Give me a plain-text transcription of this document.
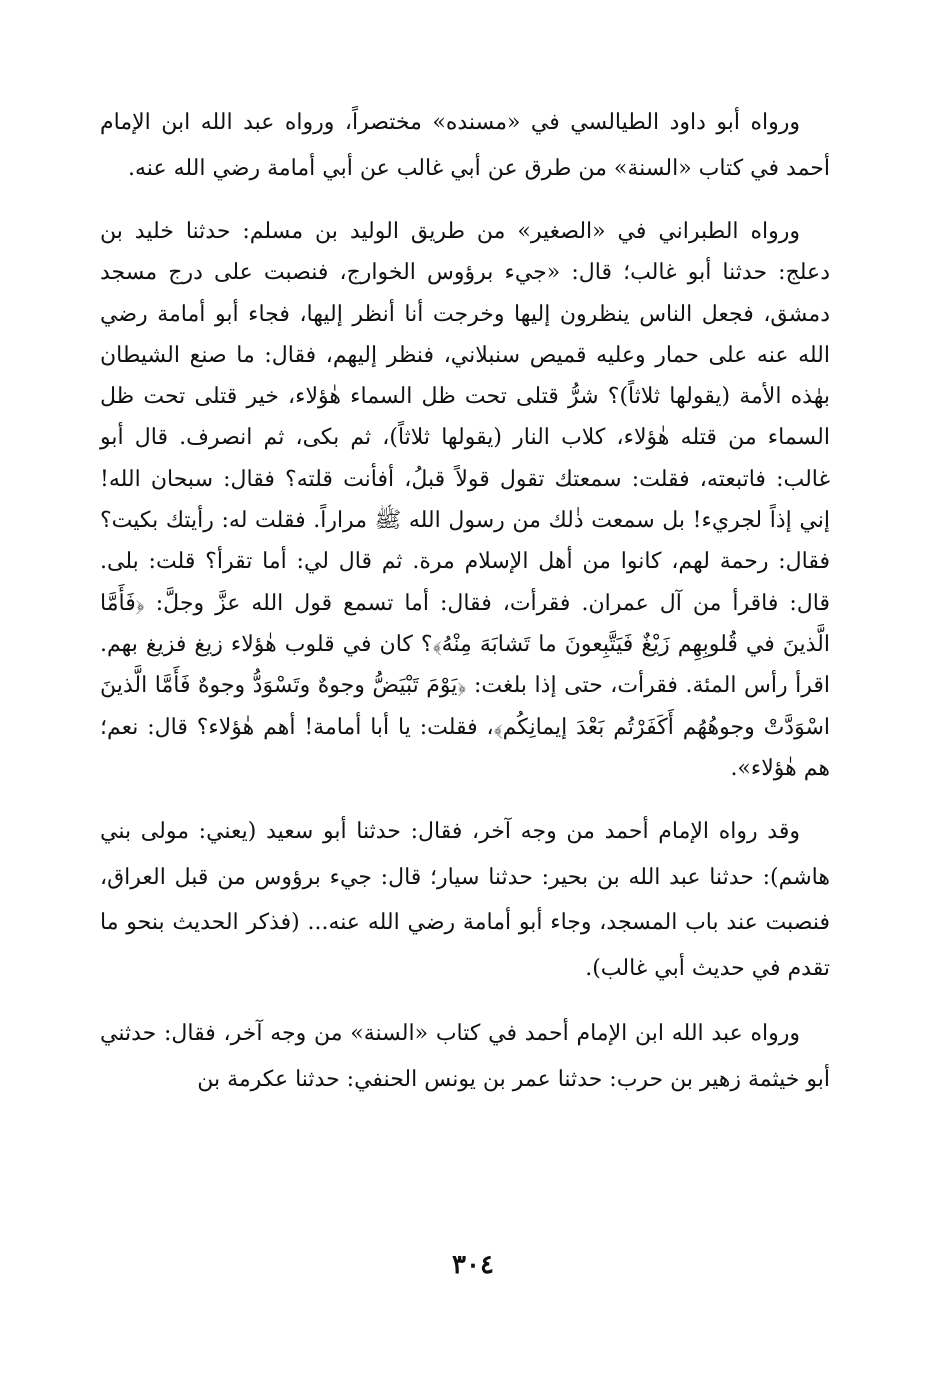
ورواه أبو داود الطيالسي في «مسنده» مختصراً، ورواه عبد الله ابن الإمام أحمد في كتاب «السنة» من طرق عن أبي غالب عن أبي أمامة رضي الله عنه.

ورواه الطبراني في «الصغير» من طريق الوليد بن مسلم: حدثنا خليد بن دعلج: حدثنا أبو غالب؛ قال: «جيء برؤوس الخوارج، فنصبت على درج مسجد دمشق، فجعل الناس ينظرون إليها وخرجت أنا أنظر إليها، فجاء أبو أمامة رضي الله عنه على حمار وعليه قميص سنبلاني، فنظر إليهم، فقال: ما صنع الشيطان بهٰذه الأمة (يقولها ثلاثاً)؟ شرُّ قتلى تحت ظل السماء هٰؤلاء، خير قتلى تحت ظل السماء من قتله هٰؤلاء، كلاب النار (يقولها ثلاثاً)، ثم بكى، ثم انصرف. قال أبو غالب: فاتبعته، فقلت: سمعتك تقول قولاً قبلُ، أفأنت قلته؟ فقال: سبحان الله! إني إذاً لجريء! بل سمعت ذٰلك من رسول الله ﷺ مراراً. فقلت له: رأيتك بكيت؟ فقال: رحمة لهم، كانوا من أهل الإسلام مرة. ثم قال لي: أما تقرأ؟ قلت: بلى. قال: فاقرأ من آل عمران. فقرأت، فقال: أما تسمع قول الله عزَّ وجلَّ: ﴿فَأَمَّا الَّذينَ في قُلوبِهِم زَيْغٌ فَيَتَّبِعونَ ما تَشابَهَ مِنْهُ﴾؟ كان في قلوب هٰؤلاء زيغ فزيغ بهم. اقرأ رأس المئة. فقرأت، حتى إذا بلغت: ﴿يَوْمَ تَبْيَضُّ وجوهٌ وتَسْوَدُّ وجوهٌ فَأَمَّا الَّذينَ اسْوَدَّتْ وجوهُهُم أَكَفَرْتُم بَعْدَ إيمانِكُم﴾، فقلت: يا أبا أمامة! أهم هٰؤلاء؟ قال: نعم؛ هم هٰؤلاء».

وقد رواه الإمام أحمد من وجه آخر، فقال: حدثنا أبو سعيد (يعني: مولى بني هاشم): حدثنا عبد الله بن بحير: حدثنا سيار؛ قال: جيء برؤوس من قبل العراق، فنصبت عند باب المسجد، وجاء أبو أمامة رضي الله عنه... (فذكر الحديث بنحو ما تقدم في حديث أبي غالب).

ورواه عبد الله ابن الإمام أحمد في كتاب «السنة» من وجه آخر، فقال: حدثني أبو خيثمة زهير بن حرب: حدثنا عمر بن يونس الحنفي: حدثنا عكرمة بن

٣٠٤
